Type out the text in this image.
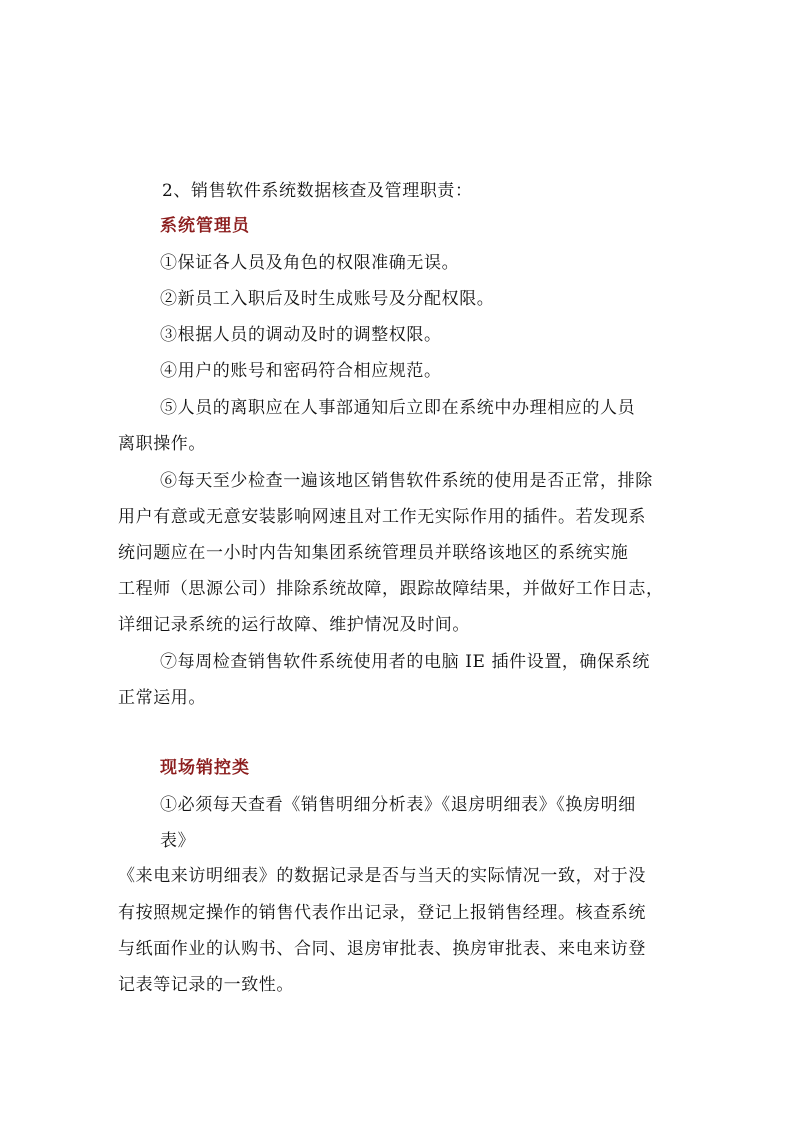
2、销售软件系统数据核查及管理职责：
系统管理员
①保证各人员及角色的权限准确无误。
②新员工入职后及时生成账号及分配权限。
③根据人员的调动及时的调整权限。
④用户的账号和密码符合相应规范。
⑤人员的离职应在人事部通知后立即在系统中办理相应的人员
离职操作。
⑥每天至少检查一遍该地区销售软件系统的使用是否正常，排除
用户有意或无意安装影响网速且对工作无实际作用的插件。若发现系
统问题应在一小时内告知集团系统管理员并联络该地区的系统实施
工程师（思源公司）排除系统故障，跟踪故障结果，并做好工作日志，
详细记录系统的运行故障、维护情况及时间。
⑦每周检查销售软件系统使用者的电脑 IE 插件设置，确保系统
正常运用。
现场销控类
①必须每天查看《销售明细分析表》《退房明细表》《换房明细
表》
《来电来访明细表》的数据记录是否与当天的实际情况一致，对于没
有按照规定操作的销售代表作出记录，登记上报销售经理。核查系统
与纸面作业的认购书、合同、退房审批表、换房审批表、来电来访登
记表等记录的一致性。
